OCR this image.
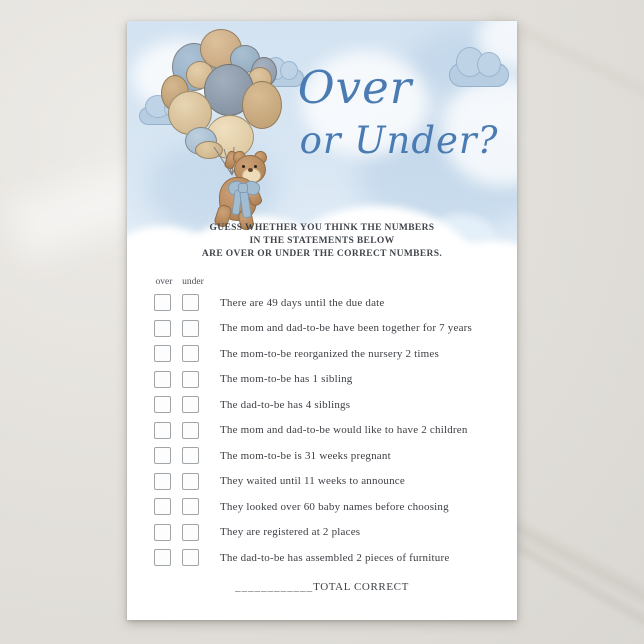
Over
or Under?

GUESS WHETHER YOU THINK THE NUMBERS

IN THE STATEMENTS BELOW

ARE OVER OR UNDER THE CORRECT NUMBERS.

over	under
There are 49 days until the due date
The mom and dad-to-be have been together for 7 years
The mom-to-be reorganized the nursery 2 times
The mom-to-be has 1 sibling
The dad-to-be has 4 siblings
The mom and dad-to-be would like to have 2 children
The mom-to-be is 31 weeks pregnant
They waited until 11 weeks to announce
They looked over 60 baby names before choosing
They are registered at 2 places
The dad-to-be has assembled 2 pieces of furniture
____________TOTAL CORRECT
